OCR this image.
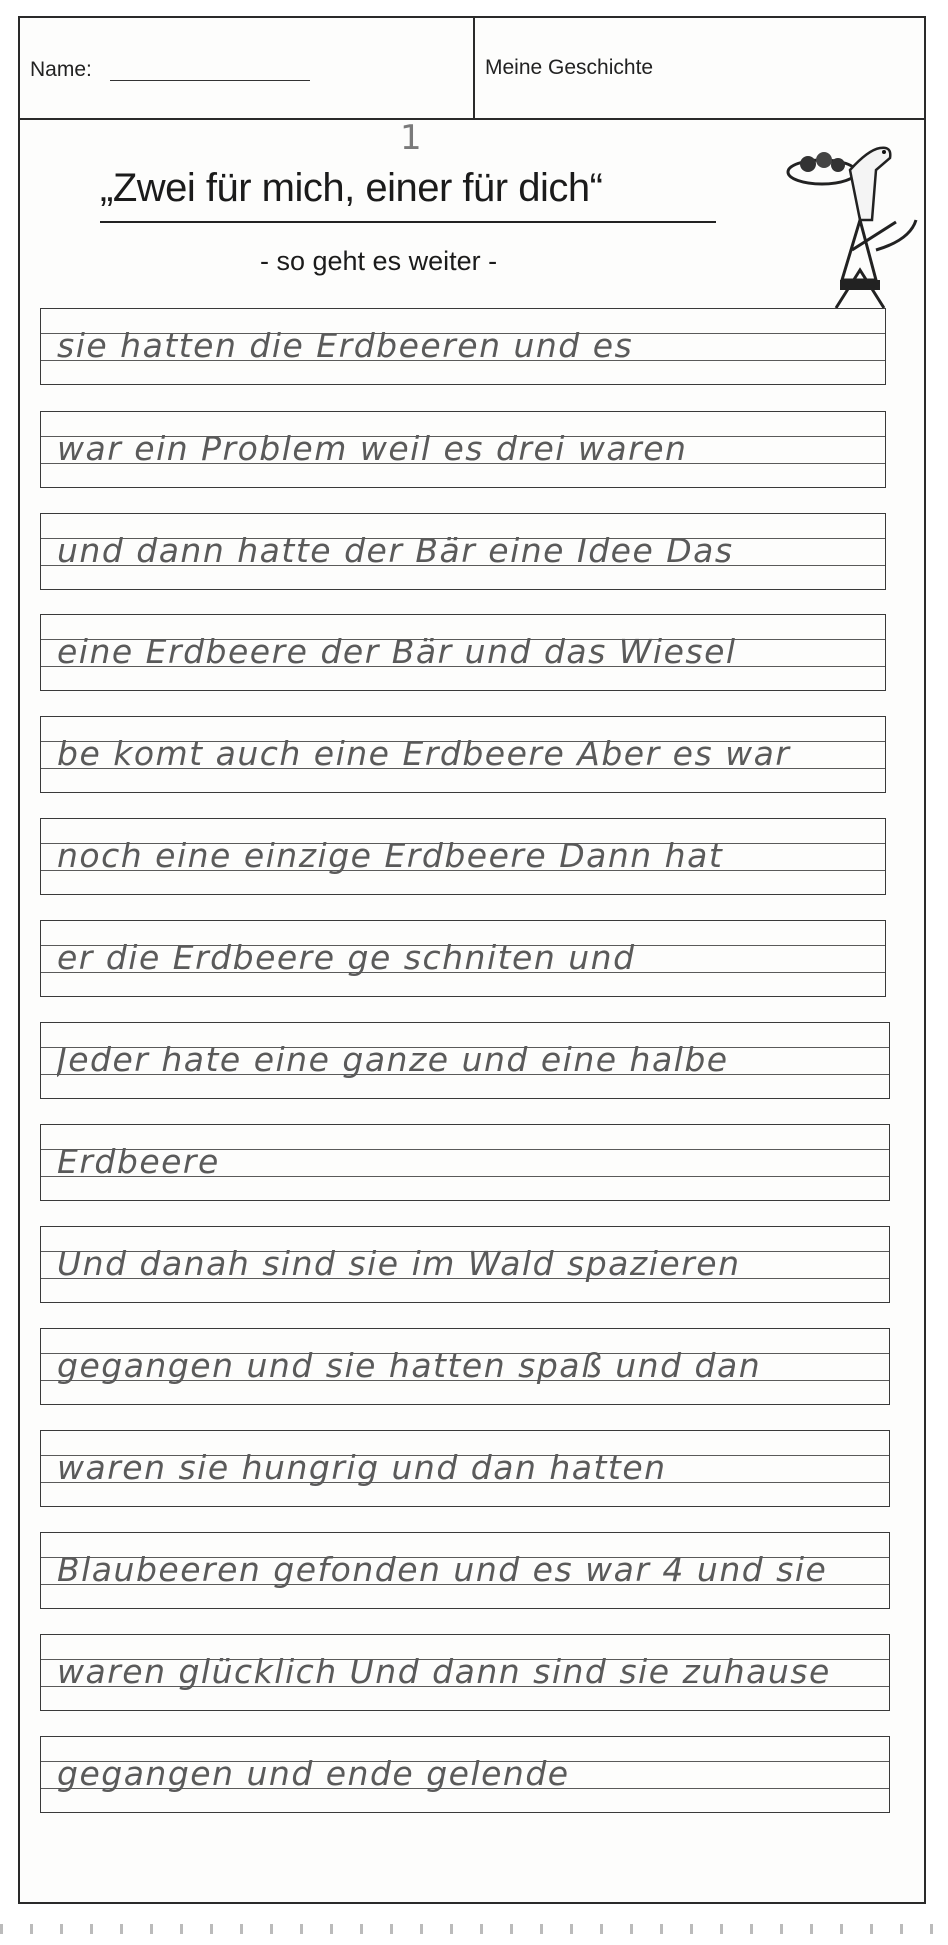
Name:	Meine Geschichte
1
„Zwei für mich, einer für dich“
- so geht es weiter -
sie hatten die Erdbeeren und es
war ein Problem weil es drei waren
und dann hatte der Bär eine Idee Das
eine Erdbeere der Bär und das Wiesel
be komt auch eine Erdbeere Aber es war
noch eine einzige Erdbeere Dann hat
er die Erdbeere ge schniten und
Jeder hate eine ganze und eine halbe
Erdbeere
Und danah sind sie im Wald spazieren
gegangen und sie hatten spaß und dan
waren sie hungrig und dan hatten
Blaubeeren gefonden und es war 4 und sie
waren glücklich Und dann sind sie zuhause
gegangen und ende gelende
